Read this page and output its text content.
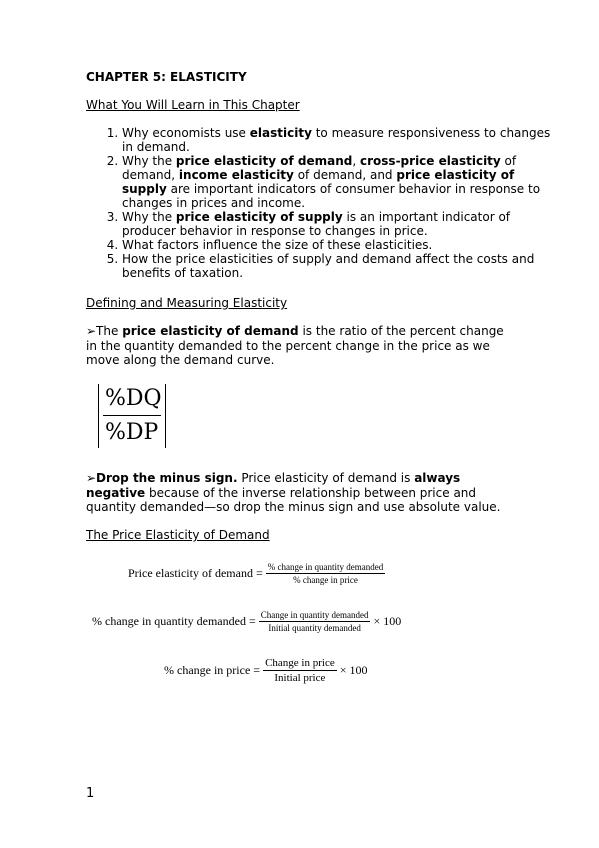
CHAPTER 5: ELASTICITY
What You Will Learn in This Chapter
1. Why economists use elasticity to measure responsiveness to changes in demand.
2. Why the price elasticity of demand, cross-price elasticity of demand, income elasticity of demand, and price elasticity of supply are important indicators of consumer behavior in response to changes in prices and income.
3. Why the price elasticity of supply is an important indicator of producer behavior in response to changes in price.
4. What factors influence the size of these elasticities.
5. How the price elasticities of supply and demand affect the costs and benefits of taxation.
Defining and Measuring Elasticity
➢The price elasticity of demand is the ratio of the percent change in the quantity demanded to the percent change in the price as we move along the demand curve.
%DQ
%DP
➢Drop the minus sign. Price elasticity of demand is always negative because of the inverse relationship between price and quantity demanded—so drop the minus sign and use absolute value.
The Price Elasticity of Demand
Price elasticity of demand = $\frac{\text{\% change in quantity demanded}}{\text{\% change in price}}$
% change in quantity demanded = $\frac{\text{Change in quantity demanded}}{\text{Initial quantity demanded}} \times 100$
% change in price = $\frac{\text{Change in price}}{\text{Initial price}} \times 100$
1
